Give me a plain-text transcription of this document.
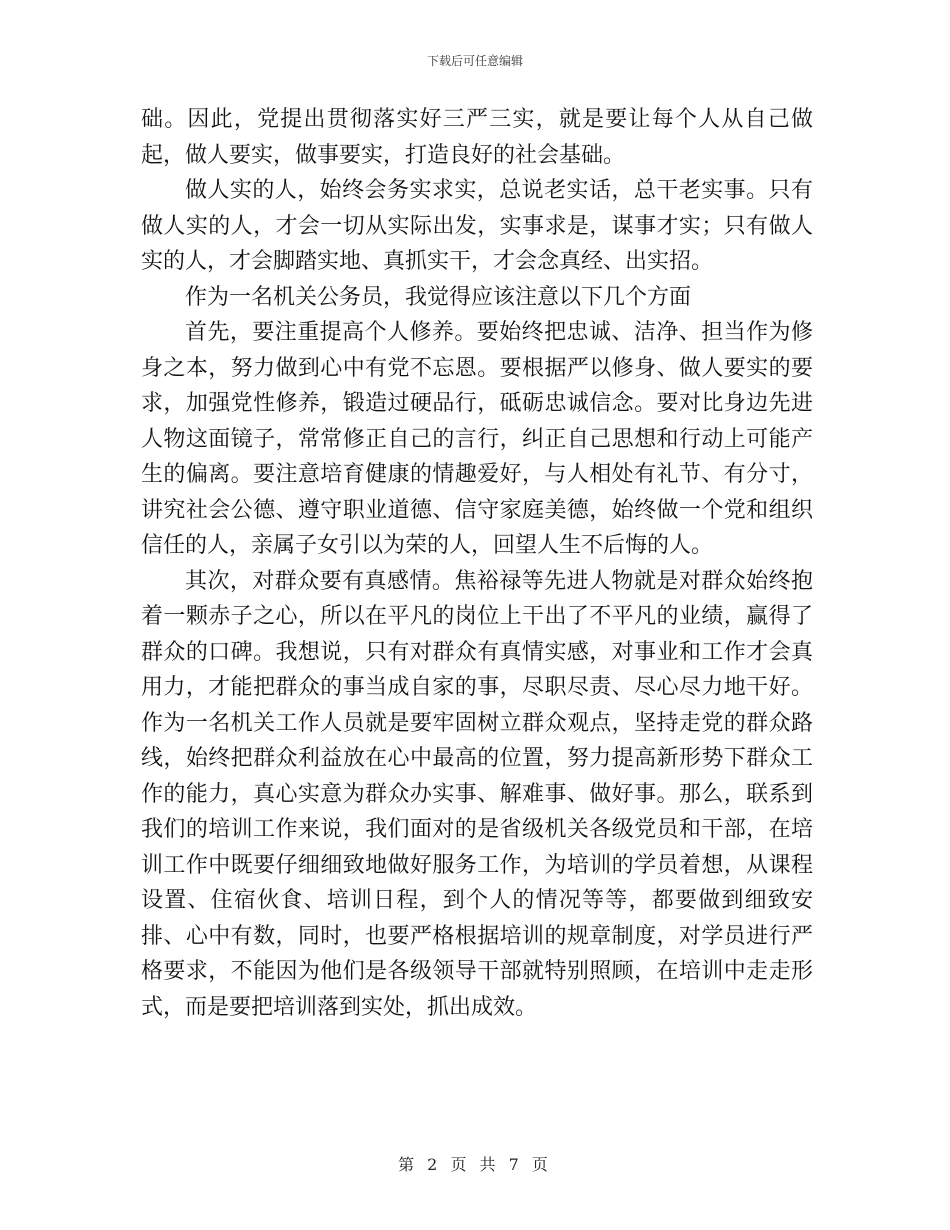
下载后可任意编辑

础。因此，党提出贯彻落实好三严三实，就是要让每个人从自己做起，做人要实，做事要实，打造良好的社会基础。

做人实的人，始终会务实求实，总说老实话，总干老实事。只有做人实的人，才会一切从实际出发，实事求是，谋事才实；只有做人实的人，才会脚踏实地、真抓实干，才会念真经、出实招。

作为一名机关公务员，我觉得应该注意以下几个方面

首先，要注重提高个人修养。要始终把忠诚、洁净、担当作为修身之本，努力做到心中有党不忘恩。要根据严以修身、做人要实的要求，加强党性修养，锻造过硬品行，砥砺忠诚信念。要对比身边先进人物这面镜子，常常修正自己的言行，纠正自己思想和行动上可能产生的偏离。要注意培育健康的情趣爱好，与人相处有礼节、有分寸，讲究社会公德、遵守职业道德、信守家庭美德，始终做一个党和组织信任的人，亲属子女引以为荣的人，回望人生不后悔的人。

其次，对群众要有真感情。焦裕禄等先进人物就是对群众始终抱着一颗赤子之心，所以在平凡的岗位上干出了不平凡的业绩，赢得了群众的口碑。我想说，只有对群众有真情实感，对事业和工作才会真用力，才能把群众的事当成自家的事，尽职尽责、尽心尽力地干好。作为一名机关工作人员就是要牢固树立群众观点，坚持走党的群众路线，始终把群众利益放在心中最高的位置，努力提高新形势下群众工作的能力，真心实意为群众办实事、解难事、做好事。那么，联系到我们的培训工作来说，我们面对的是省级机关各级党员和干部，在培训工作中既要仔细细致地做好服务工作，为培训的学员着想，从课程设置、住宿伙食、培训日程，到个人的情况等等，都要做到细致安排、心中有数，同时，也要严格根据培训的规章制度，对学员进行严格要求，不能因为他们是各级领导干部就特别照顾，在培训中走走形式，而是要把培训落到实处，抓出成效。

第 2 页 共 7 页
